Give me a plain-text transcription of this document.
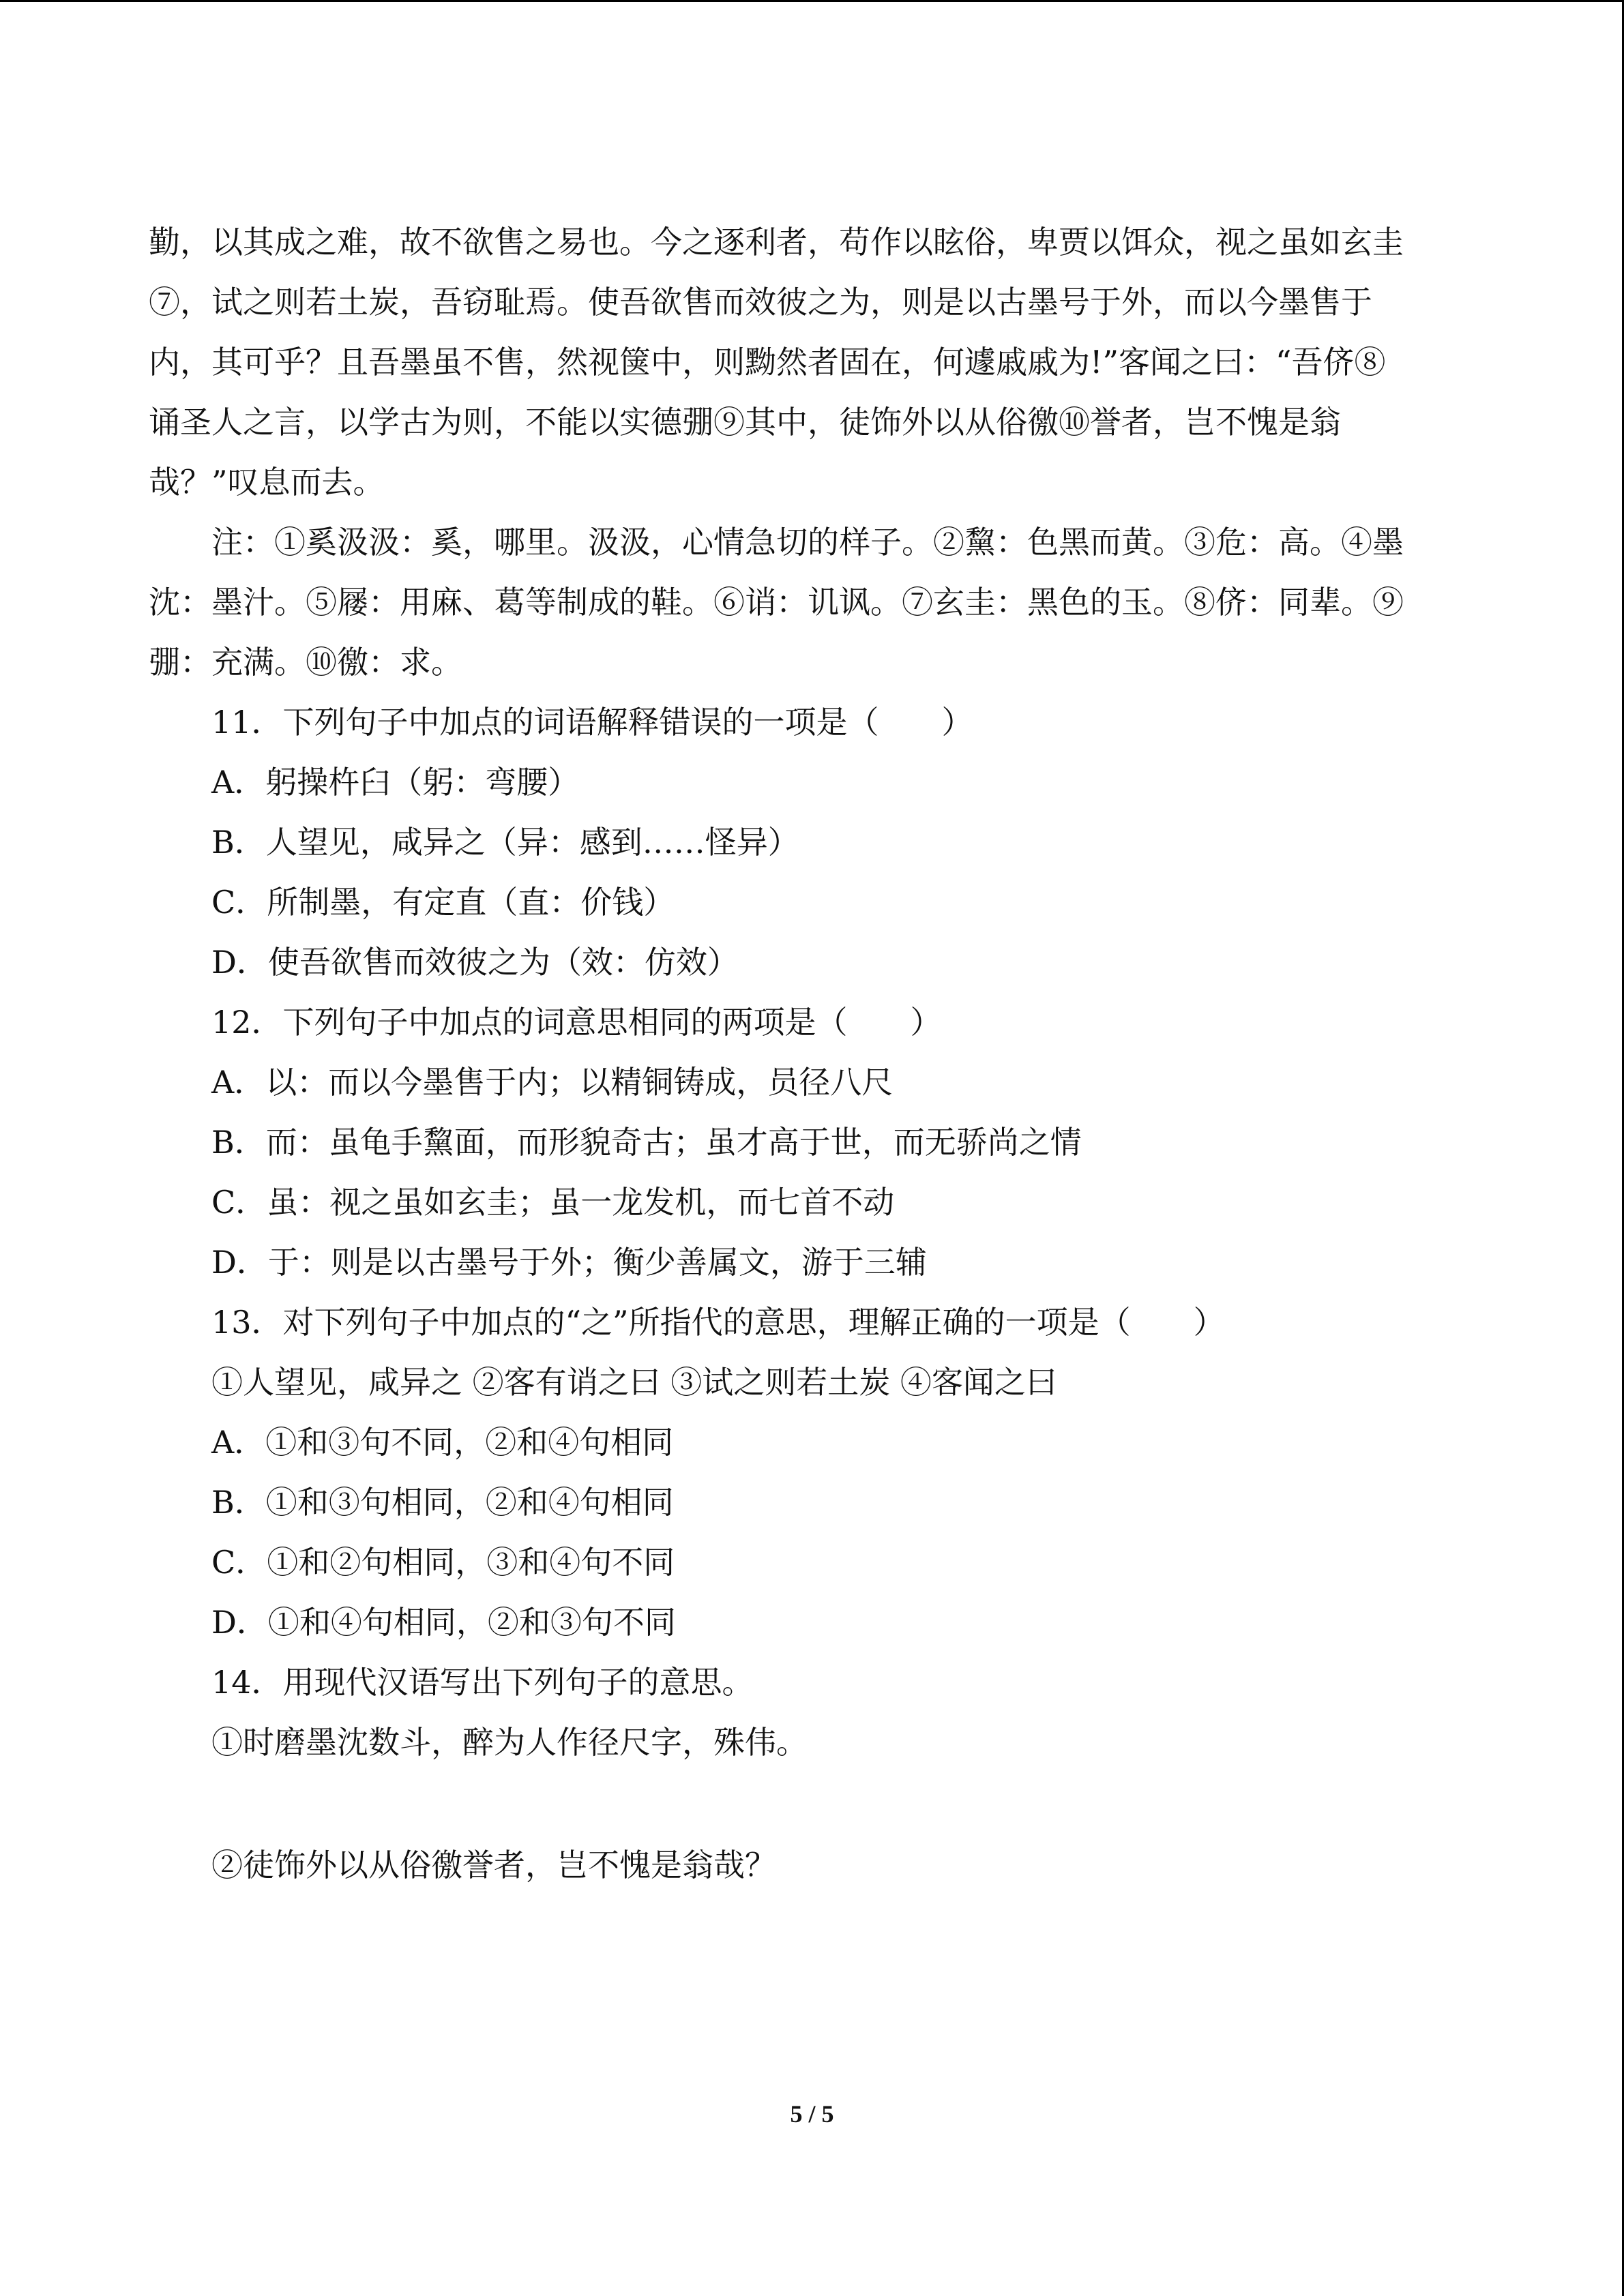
勤，以其成之难，故不欲售之易也。今之逐利者，苟作以眩俗，卑贾以饵众，视之虽如玄圭
⑦，试之则若土炭，吾窃耻焉。使吾欲售而效彼之为，则是以古墨号于外，而以今墨售于
内，其可乎？且吾墨虽不售，然视箧中，则黝然者固在，何遽戚戚为!”客闻之曰：“吾侪⑧
诵圣人之言，以学古为则，不能以实德弸⑨其中，徒饰外以从俗徼⑩誉者，岂不愧是翁
哉？”叹息而去。
注：①奚汲汲：奚，哪里。汲汲，心情急切的样子。②黧：色黑而黄。③危：高。④墨
沈：墨汁。⑤屦：用麻、葛等制成的鞋。⑥诮：讥讽。⑦玄圭：黑色的玉。⑧侪：同辈。⑨
弸：充满。⑩徼：求。
11．下列句子中加点的词语解释错误的一项是（　　）
A．躬操杵臼（躬：弯腰）
B．人望见，咸异之（异：感到……怪异）
C．所制墨，有定直（直：价钱）
D．使吾欲售而效彼之为（效：仿效）
12．下列句子中加点的词意思相同的两项是（　　）
A．以：而以今墨售于内；以精铜铸成，员径八尺
B．而：虽龟手黧面，而形貌奇古；虽才高于世，而无骄尚之情
C．虽：视之虽如玄圭；虽一龙发机，而七首不动
D．于：则是以古墨号于外；衡少善属文，游于三辅
13．对下列句子中加点的“之”所指代的意思，理解正确的一项是（　　）
①人望见，咸异之 ②客有诮之曰 ③试之则若土炭 ④客闻之曰
A．①和③句不同，②和④句相同
B．①和③句相同，②和④句相同
C．①和②句相同，③和④句不同
D．①和④句相同，②和③句不同
14．用现代汉语写出下列句子的意思。
①时磨墨沈数斗，醉为人作径尺字，殊伟。
②徒饰外以从俗徼誉者，岂不愧是翁哉？
5 / 5
